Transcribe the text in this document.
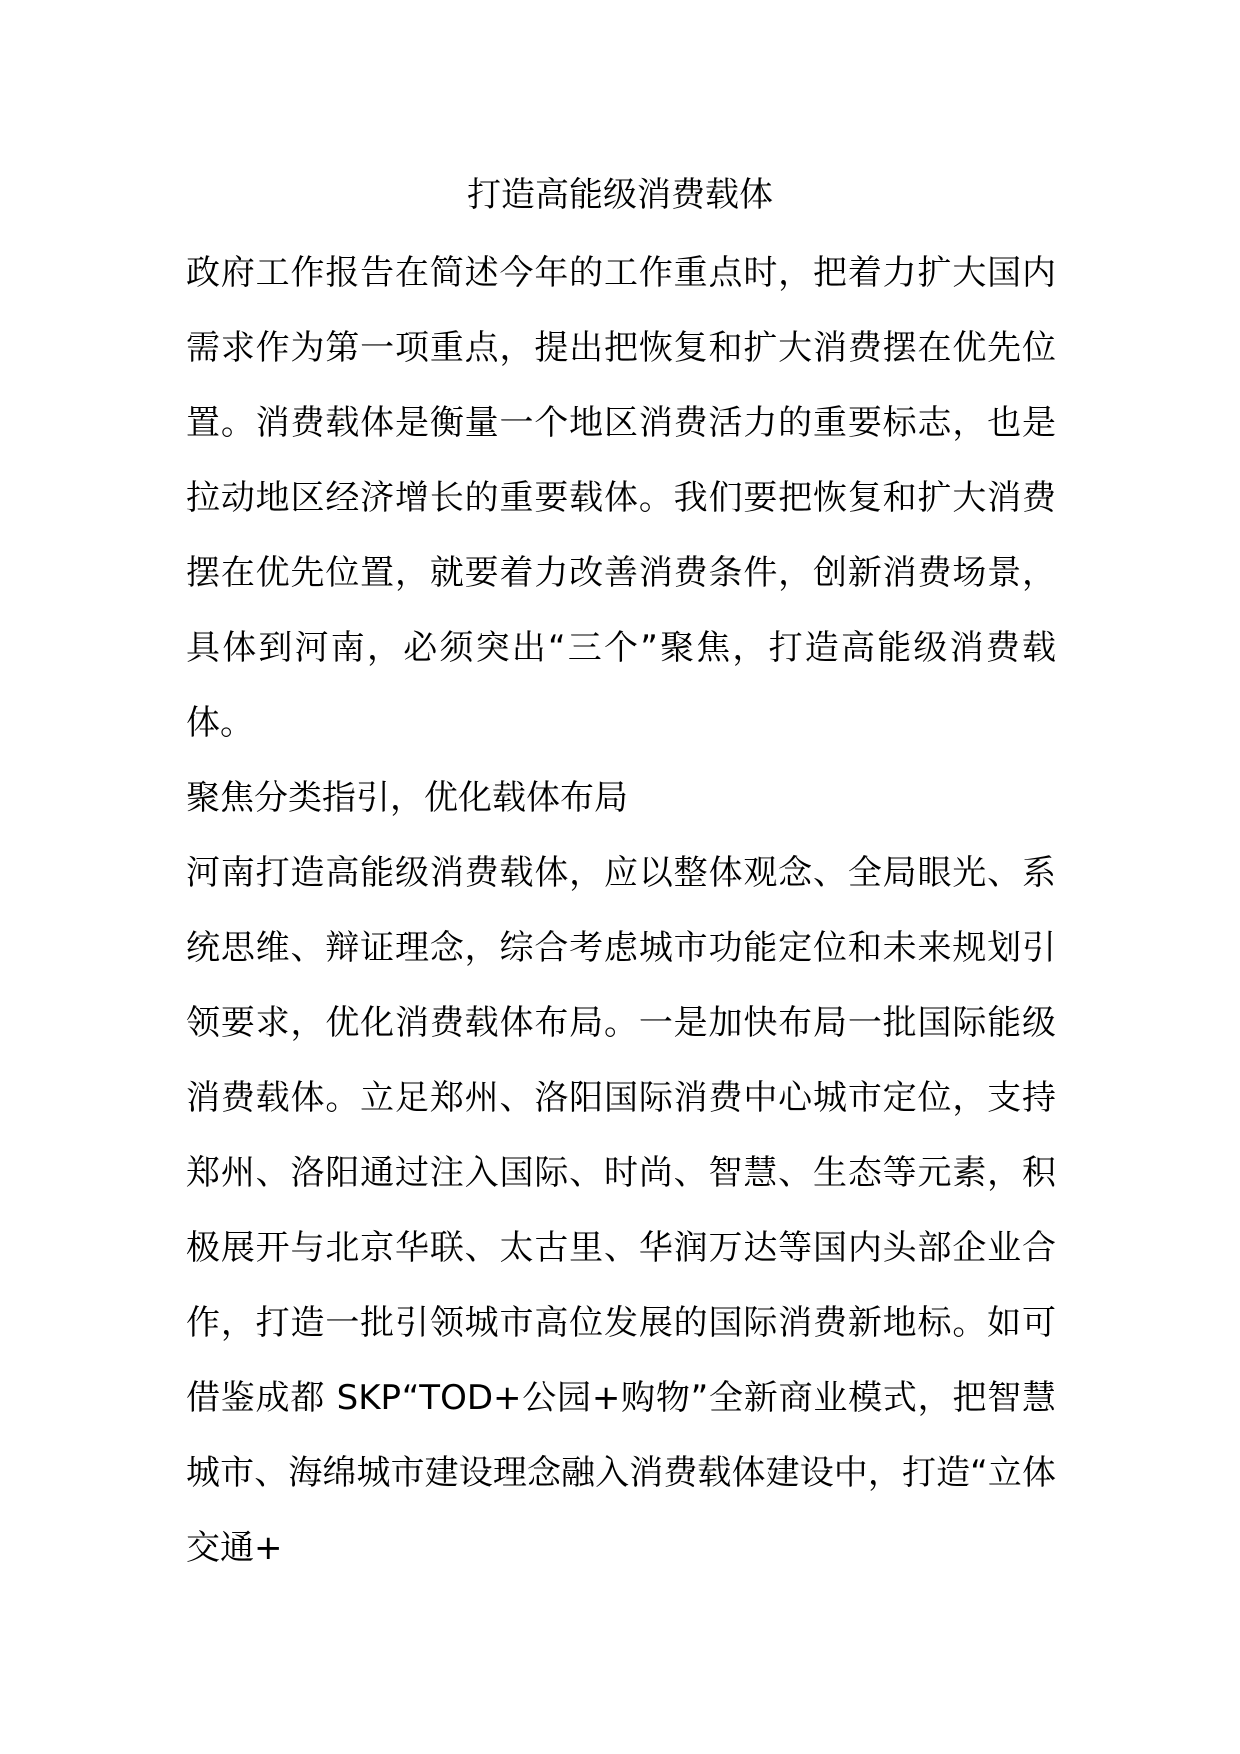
打造高能级消费载体

政府工作报告在简述今年的工作重点时，把着力扩大国内需求作为第一项重点，提出把恢复和扩大消费摆在优先位置。消费载体是衡量一个地区消费活力的重要标志，也是拉动地区经济增长的重要载体。我们要把恢复和扩大消费摆在优先位置，就要着力改善消费条件，创新消费场景，具体到河南，必须突出“三个”聚焦，打造高能级消费载体。

聚焦分类指引，优化载体布局

河南打造高能级消费载体，应以整体观念、全局眼光、系统思维、辩证理念，综合考虑城市功能定位和未来规划引领要求，优化消费载体布局。一是加快布局一批国际能级消费载体。立足郑州、洛阳国际消费中心城市定位，支持郑州、洛阳通过注入国际、时尚、智慧、生态等元素，积极展开与北京华联、太古里、华润万达等国内头部企业合作，打造一批引领城市高位发展的国际消费新地标。如可借鉴成都 SKP“TOD+公园+购物”全新商业模式，把智慧城市、海绵城市建设理念融入消费载体建设中，打造“立体交通+
